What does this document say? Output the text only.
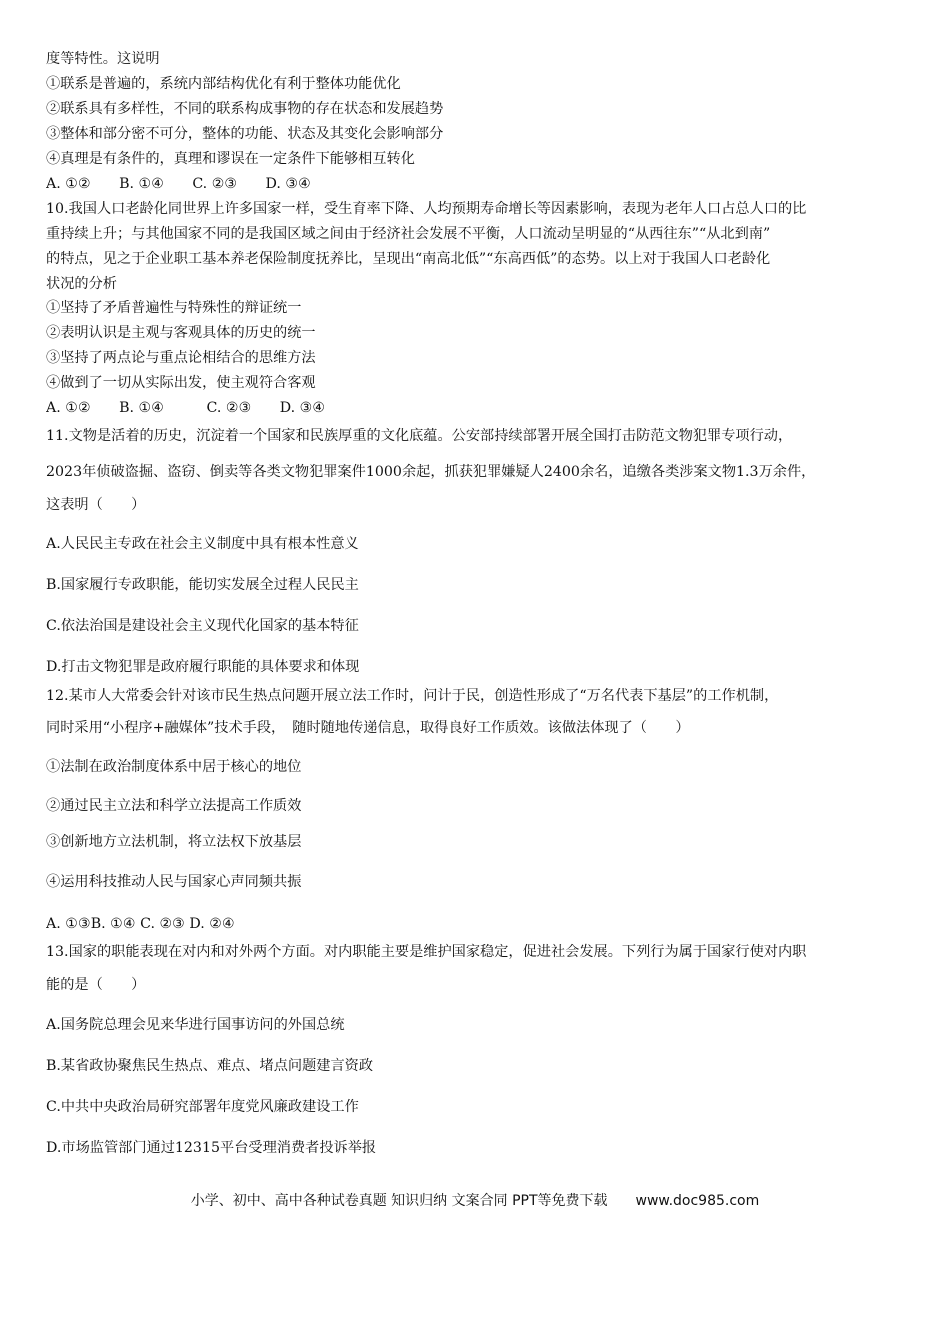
度等特性。这说明
①联系是普遍的，系统内部结构优化有利于整体功能优化
②联系具有多样性，不同的联系构成事物的存在状态和发展趋势
③整体和部分密不可分，整体的功能、状态及其变化会影响部分
④真理是有条件的，真理和谬误在一定条件下能够相互转化
A. ①②　　B. ①④　　C. ②③　　D. ③④
10.我国人口老龄化同世界上许多国家一样，受生育率下降、人均预期寿命增长等因素影响，表现为老年人口占总人口的比
重持续上升；与其他国家不同的是我国区域之间由于经济社会发展不平衡，人口流动呈明显的“从西往东”“从北到南”
的特点，见之于企业职工基本养老保险制度抚养比，呈现出“南高北低”“东高西低”的态势。以上对于我国人口老龄化
状况的分析
①坚持了矛盾普遍性与特殊性的辩证统一
②表明认识是主观与客观具体的历史的统一
③坚持了两点论与重点论相结合的思维方法
④做到了一切从实际出发，使主观符合客观
A. ①②　　B. ①④　　　C. ②③　　D. ③④
11.文物是活着的历史，沉淀着一个国家和民族厚重的文化底蕴。公安部持续部署开展全国打击防范文物犯罪专项行动，
2023年侦破盗掘、盗窃、倒卖等各类文物犯罪案件1000余起，抓获犯罪嫌疑人2400余名，追缴各类涉案文物1.3万余件，
这表明（　　）
A.人民民主专政在社会主义制度中具有根本性意义
B.国家履行专政职能，能切实发展全过程人民民主
C.依法治国是建设社会主义现代化国家的基本特征
D.打击文物犯罪是政府履行职能的具体要求和体现
12.某市人大常委会针对该市民生热点问题开展立法工作时，问计于民，创造性形成了“万名代表下基层”的工作机制，
同时采用“小程序+融媒体”技术手段，　随时随地传递信息，取得良好工作质效。该做法体现了（　　）
①法制在政治制度体系中居于核心的地位
②通过民主立法和科学立法提高工作质效
③创新地方立法机制，将立法权下放基层
④运用科技推动人民与国家心声同频共振
A. ①③B. ①④ C. ②③ D. ②④
13.国家的职能表现在对内和对外两个方面。对内职能主要是维护国家稳定，促进社会发展。下列行为属于国家行使对内职
能的是（　　）
A.国务院总理会见来华进行国事访问的外国总统
B.某省政协聚焦民生热点、难点、堵点问题建言资政
C.中共中央政治局研究部署年度党风廉政建设工作
D.市场监管部门通过12315平台受理消费者投诉举报
小学、初中、高中各种试卷真题 知识归纳 文案合同 PPT等免费下载 www.doc985.com
